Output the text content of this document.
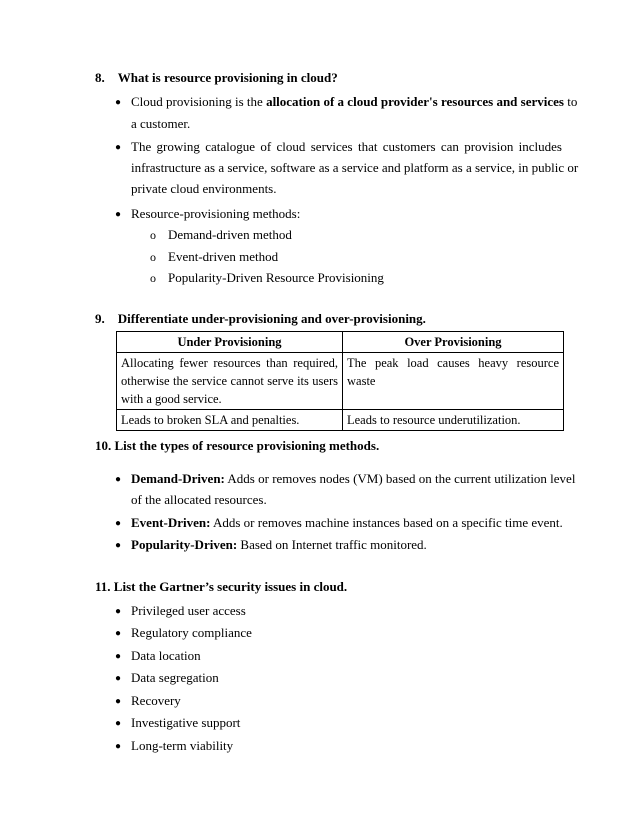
8. What is resource provisioning in cloud?
● Cloud provisioning is the allocation of a cloud provider's resources and services to
a customer.
● The growing catalogue of cloud services that customers can provision includes
infrastructure as a service, software as a service and platform as a service, in public or
private cloud environments.
● Resource-provisioning methods:
o Demand-driven method
o Event-driven method
o Popularity-Driven Resource Provisioning
9. Differentiate under-provisioning and over-provisioning.
Under Provisioning	Over Provisioning
Allocating fewer resources than required, otherwise the service cannot serve its users with a good service.	The peak load causes heavy resource waste
Leads to broken SLA and penalties.	Leads to resource underutilization.
10. List the types of resource provisioning methods.
● Demand-Driven: Adds or removes nodes (VM) based on the current utilization level
of the allocated resources.
● Event-Driven: Adds or removes machine instances based on a specific time event.
● Popularity-Driven: Based on Internet traffic monitored.
11. List the Gartner’s security issues in cloud.
● Privileged user access
● Regulatory compliance
● Data location
● Data segregation
● Recovery
● Investigative support
● Long-term viability
